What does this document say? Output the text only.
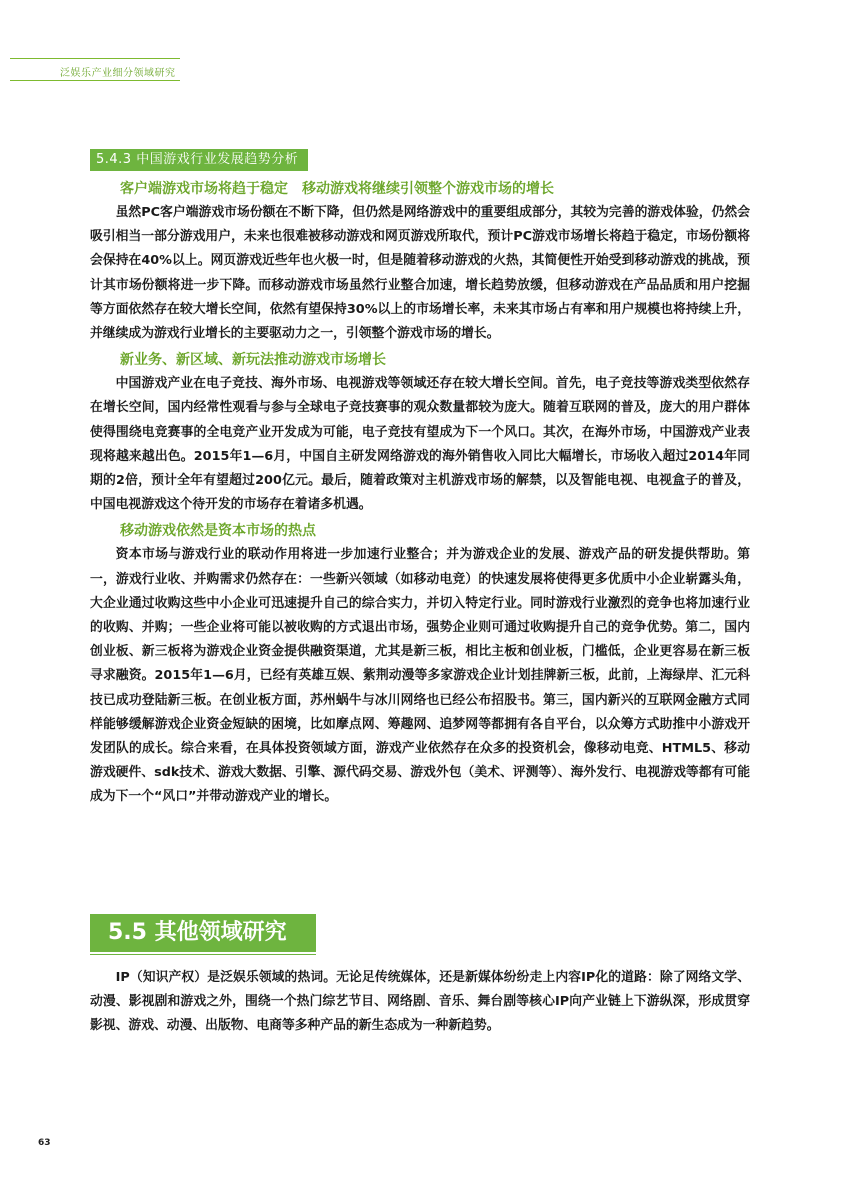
泛娱乐产业细分领域研究
5.4.3 中国游戏行业发展趋势分析
客户端游戏市场将趋于稳定　移动游戏将继续引领整个游戏市场的增长

虽然PC客户端游戏市场份额在不断下降，但仍然是网络游戏中的重要组成部分，其较为完善的游戏体验，仍然会吸引相当一部分游戏用户，未来也很难被移动游戏和网页游戏所取代，预计PC游戏市场增长将趋于稳定，市场份额将会保持在40%以上。网页游戏近些年也火极一时，但是随着移动游戏的火热，其简便性开始受到移动游戏的挑战，预计其市场份额将进一步下降。而移动游戏市场虽然行业整合加速，增长趋势放缓，但移动游戏在产品品质和用户挖掘等方面依然存在较大增长空间，依然有望保持30%以上的市场增长率，未来其市场占有率和用户规模也将持续上升，并继续成为游戏行业增长的主要驱动力之一，引领整个游戏市场的增长。

新业务、新区域、新玩法推动游戏市场增长

中国游戏产业在电子竞技、海外市场、电视游戏等领域还存在较大增长空间。首先，电子竞技等游戏类型依然存在增长空间，国内经常性观看与参与全球电子竞技赛事的观众数量都较为庞大。随着互联网的普及，庞大的用户群体使得围绕电竞赛事的全电竞产业开发成为可能，电子竞技有望成为下一个风口。其次，在海外市场，中国游戏产业表现将越来越出色。2015年1—6月，中国自主研发网络游戏的海外销售收入同比大幅增长，市场收入超过2014年同期的2倍，预计全年有望超过200亿元。最后，随着政策对主机游戏市场的解禁，以及智能电视、电视盒子的普及，中国电视游戏这个待开发的市场存在着诸多机遇。

移动游戏依然是资本市场的热点

资本市场与游戏行业的联动作用将进一步加速行业整合；并为游戏企业的发展、游戏产品的研发提供帮助。第一，游戏行业收、并购需求仍然存在：一些新兴领域（如移动电竞）的快速发展将使得更多优质中小企业崭露头角，大企业通过收购这些中小企业可迅速提升自己的综合实力，并切入特定行业。同时游戏行业激烈的竞争也将加速行业的收购、并购；一些企业将可能以被收购的方式退出市场，强势企业则可通过收购提升自己的竞争优势。第二，国内创业板、新三板将为游戏企业资金提供融资渠道，尤其是新三板，相比主板和创业板，门槛低，企业更容易在新三板寻求融资。2015年1—6月，已经有英雄互娱、紫荆动漫等多家游戏企业计划挂牌新三板，此前，上海绿岸、汇元科技已成功登陆新三板。在创业板方面，苏州蜗牛与冰川网络也已经公布招股书。第三，国内新兴的互联网金融方式同样能够缓解游戏企业资金短缺的困境，比如摩点网、筹趣网、追梦网等都拥有各自平台，以众筹方式助推中小游戏开发团队的成长。综合来看，在具体投资领域方面，游戏产业依然存在众多的投资机会，像移动电竞、HTML5、移动游戏硬件、sdk技术、游戏大数据、引擎、源代码交易、游戏外包（美术、评测等）、海外发行、电视游戏等都有可能成为下一个“风口”并带动游戏产业的增长。

5.5 其他领域研究

IP（知识产权）是泛娱乐领域的热词。无论足传统媒体，还是新媒体纷纷走上内容IP化的道路：除了网络文学、动漫、影视剧和游戏之外，围绕一个热门综艺节目、网络剧、音乐、舞台剧等核心IP向产业链上下游纵深，形成贯穿影视、游戏、动漫、出版物、电商等多种产品的新生态成为一种新趋势。

63
